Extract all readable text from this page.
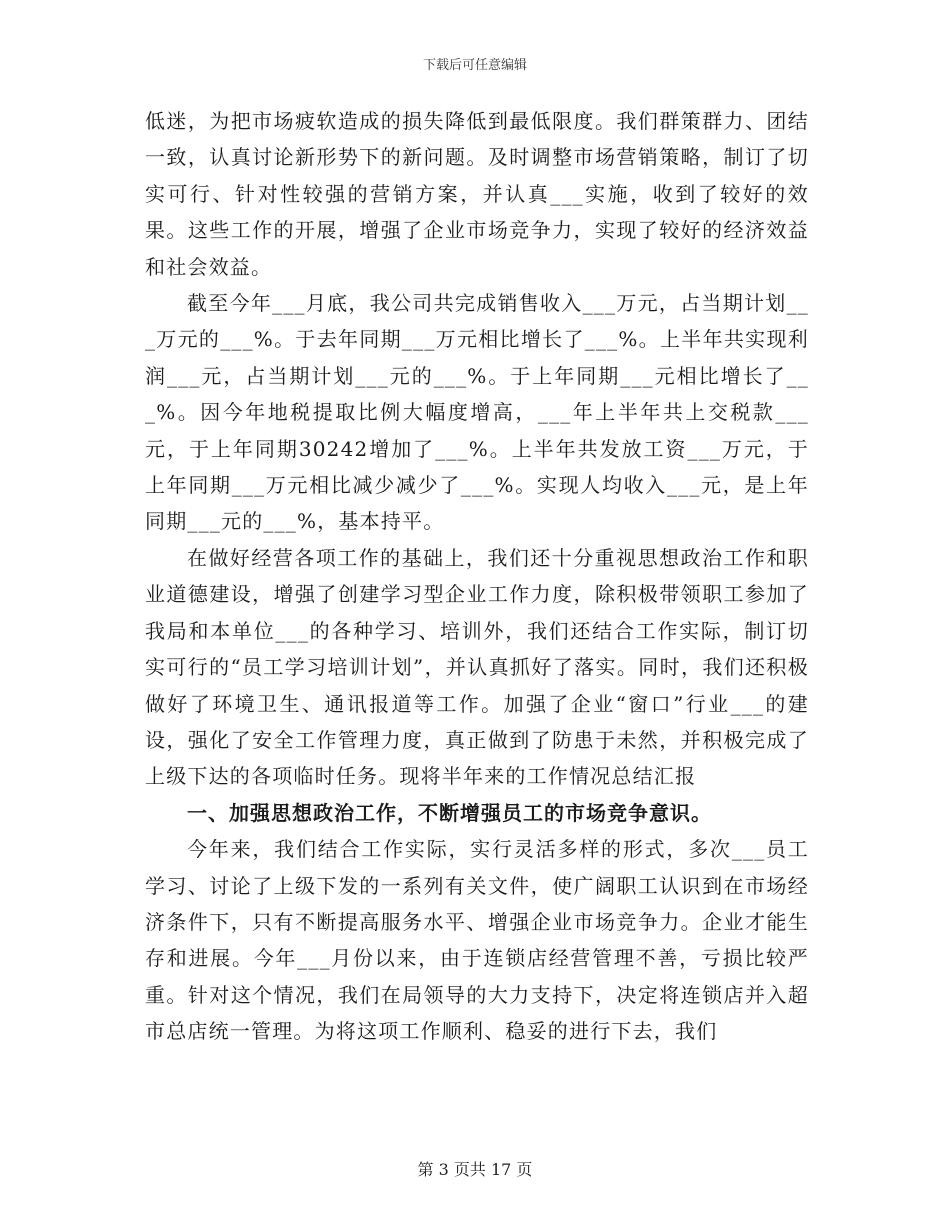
下载后可任意编辑

低迷，为把市场疲软造成的损失降低到最低限度。我们群策群力、团结一致，认真讨论新形势下的新问题。及时调整市场营销策略，制订了切实可行、针对性较强的营销方案，并认真___实施，收到了较好的效果。这些工作的开展，增强了企业市场竞争力，实现了较好的经济效益和社会效益。

截至今年___月底，我公司共完成销售收入___万元，占当期计划___万元的___%。于去年同期___万元相比增长了___%。上半年共实现利润___元，占当期计划___元的___%。于上年同期___元相比增长了___%。因今年地税提取比例大幅度增高，___年上半年共上交税款___元，于上年同期30242增加了___%。上半年共发放工资___万元，于上年同期___万元相比减少减少了___%。实现人均收入___元，是上年同期___元的___%，基本持平。

在做好经营各项工作的基础上，我们还十分重视思想政治工作和职业道德建设，增强了创建学习型企业工作力度，除积极带领职工参加了我局和本单位___的各种学习、培训外，我们还结合工作实际，制订切实可行的“员工学习培训计划”，并认真抓好了落实。同时，我们还积极做好了环境卫生、通讯报道等工作。加强了企业“窗口”行业___的建设，强化了安全工作管理力度，真正做到了防患于未然，并积极完成了上级下达的各项临时任务。现将半年来的工作情况总结汇报

一、加强思想政治工作，不断增强员工的市场竞争意识。

今年来，我们结合工作实际，实行灵活多样的形式，多次___员工学习、讨论了上级下发的一系列有关文件，使广阔职工认识到在市场经济条件下，只有不断提高服务水平、增强企业市场竞争力。企业才能生存和进展。今年___月份以来，由于连锁店经营管理不善，亏损比较严重。针对这个情况，我们在局领导的大力支持下，决定将连锁店并入超市总店统一管理。为将这项工作顺利、稳妥的进行下去，我们

第 3 页共 17 页
